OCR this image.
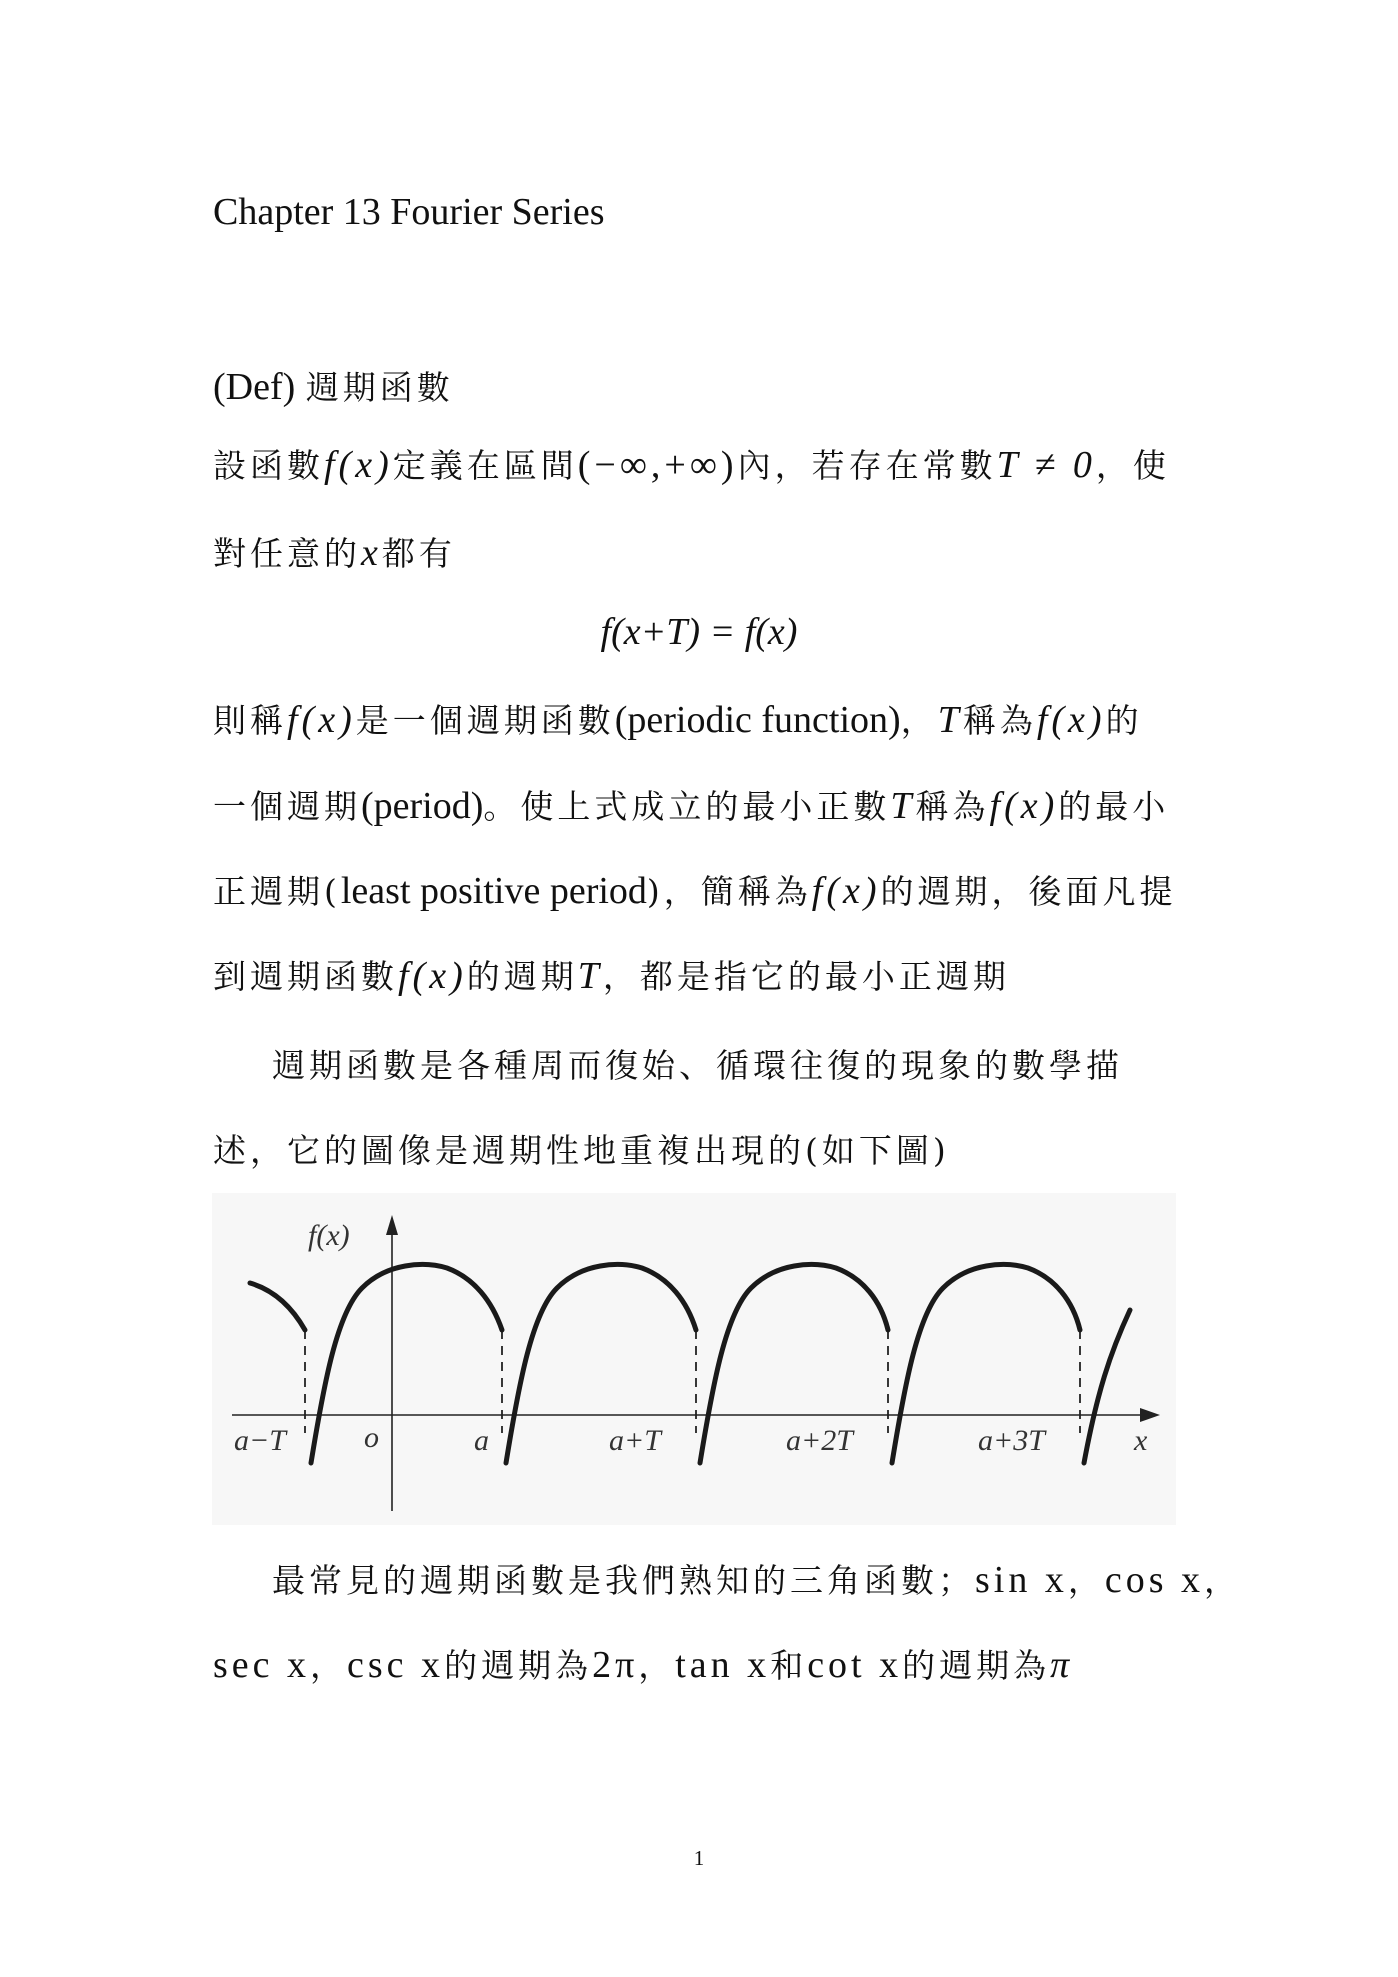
Chapter 13 Fourier Series
(Def) 週期函數
設函數f(x)定義在區間(−∞,+∞)內，若存在常數T ≠ 0，使
對任意的x都有
f(x+T) = f(x)
則稱f(x)是一個週期函數(periodic function)，T稱為f(x)的
一個週期(period)。使上式成立的最小正數T稱為f(x)的最小
正週期(least positive period)，簡稱為f(x)的週期，後面凡提
到週期函數f(x)的週期T，都是指它的最小正週期
週期函數是各種周而復始、循環往復的現象的數學描
述，它的圖像是週期性地重複出現的(如下圖)
f(x)
x
o
a−T	a	a+T	a+2T	a+3T
最常見的週期函數是我們熟知的三角函數；sin x，cos x，
sec x，csc x的週期為2π，tan x和cot x的週期為π
1
